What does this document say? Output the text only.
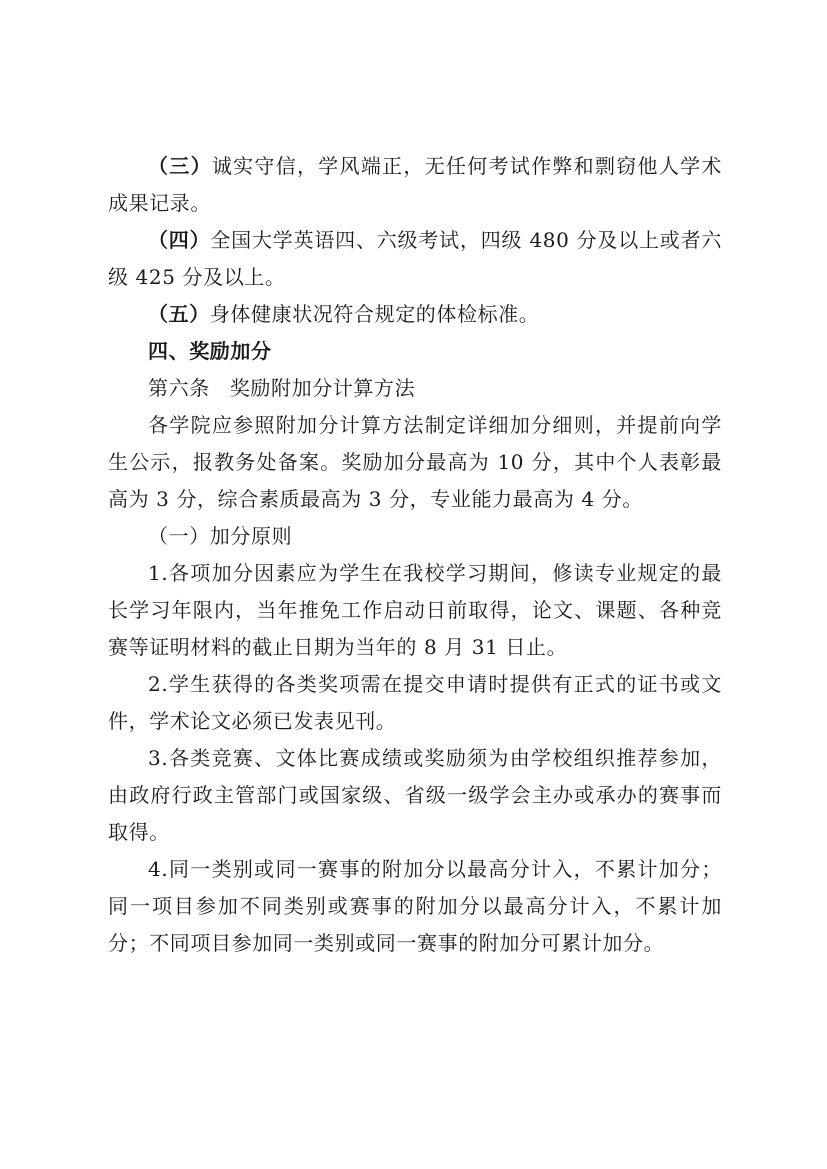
（三）诚实守信，学风端正，无任何考试作弊和剽窃他人学术成果记录。

（四）全国大学英语四、六级考试，四级 480 分及以上或者六级 425 分及以上。

（五）身体健康状况符合规定的体检标准。

四、奖励加分

第六条 奖励附加分计算方法

各学院应参照附加分计算方法制定详细加分细则，并提前向学生公示，报教务处备案。奖励加分最高为 10 分，其中个人表彰最高为 3 分，综合素质最高为 3 分，专业能力最高为 4 分。

（一）加分原则

1.各项加分因素应为学生在我校学习期间，修读专业规定的最长学习年限内，当年推免工作启动日前取得，论文、课题、各种竞赛等证明材料的截止日期为当年的 8 月 31 日止。

2.学生获得的各类奖项需在提交申请时提供有正式的证书或文件，学术论文必须已发表见刊。

3.各类竞赛、文体比赛成绩或奖励须为由学校组织推荐参加，由政府行政主管部门或国家级、省级一级学会主办或承办的赛事而取得。

4.同一类别或同一赛事的附加分以最高分计入，不累计加分；同一项目参加不同类别或赛事的附加分以最高分计入，不累计加分；不同项目参加同一类别或同一赛事的附加分可累计加分。
